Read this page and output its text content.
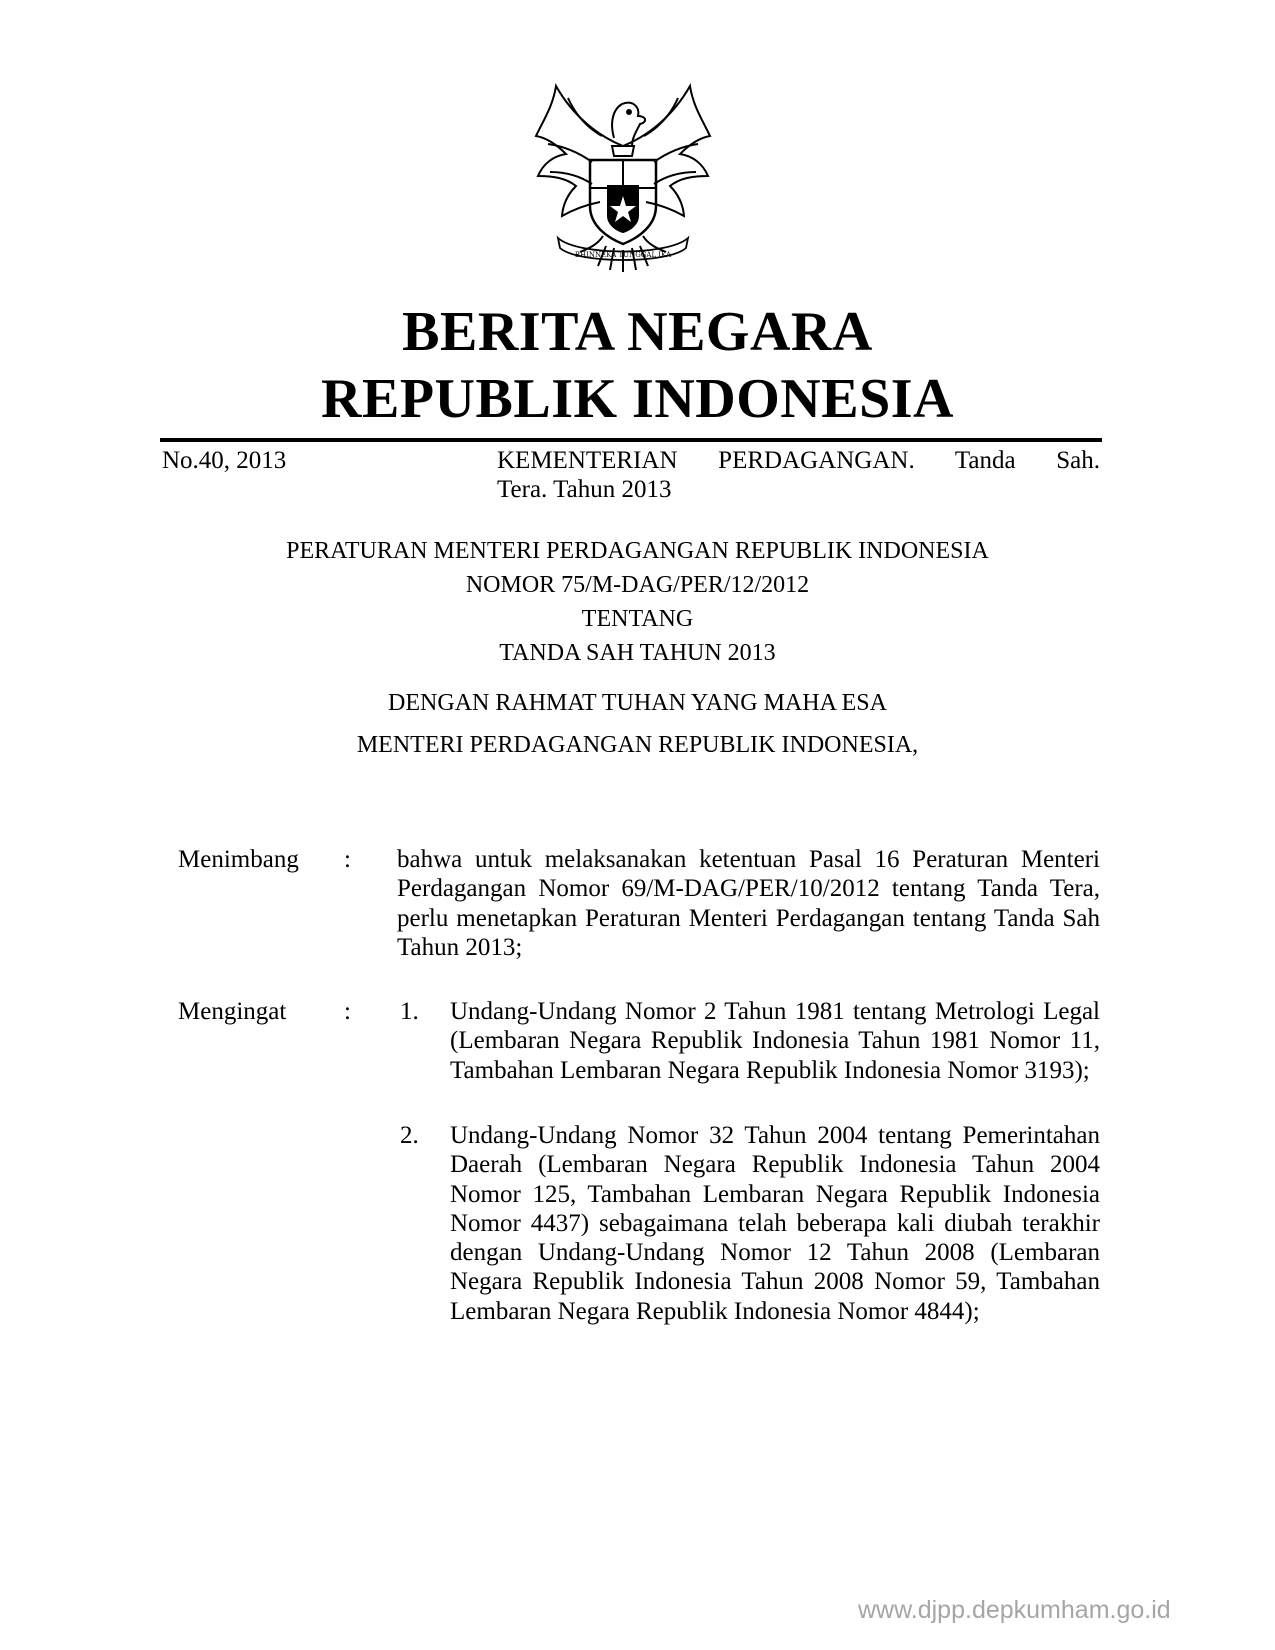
BHINNEKA TUNGGAL IKA
BERITA NEGARA
REPUBLIK INDONESIA
No.40, 2013	KEMENTERIAN PERDAGANGAN. Tanda Sah.
Tera. Tahun 2013
PERATURAN MENTERI PERDAGANGAN REPUBLIK INDONESIA
NOMOR 75/M-DAG/PER/12/2012
TENTANG
TANDA SAH TAHUN 2013
DENGAN RAHMAT TUHAN YANG MAHA ESA
MENTERI PERDAGANGAN REPUBLIK INDONESIA,
Menimbang : bahwa untuk melaksanakan ketentuan Pasal 16 Peraturan Menteri Perdagangan Nomor 69/M-DAG/PER/10/2012 tentang Tanda Tera, perlu menetapkan Peraturan Menteri Perdagangan tentang Tanda Sah Tahun 2013;
Mengingat : 1. Undang-Undang Nomor 2 Tahun 1981 tentang Metrologi Legal (Lembaran Negara Republik Indonesia Tahun 1981 Nomor 11, Tambahan Lembaran Negara Republik Indonesia Nomor 3193);
2. Undang-Undang Nomor 32 Tahun 2004 tentang Pemerintahan Daerah (Lembaran Negara Republik Indonesia Tahun 2004 Nomor 125, Tambahan Lembaran Negara Republik Indonesia Nomor 4437) sebagaimana telah beberapa kali diubah terakhir dengan Undang-Undang Nomor 12 Tahun 2008 (Lembaran Negara Republik Indonesia Tahun 2008 Nomor 59, Tambahan Lembaran Negara Republik Indonesia Nomor 4844);
www.djpp.depkumham.go.id
